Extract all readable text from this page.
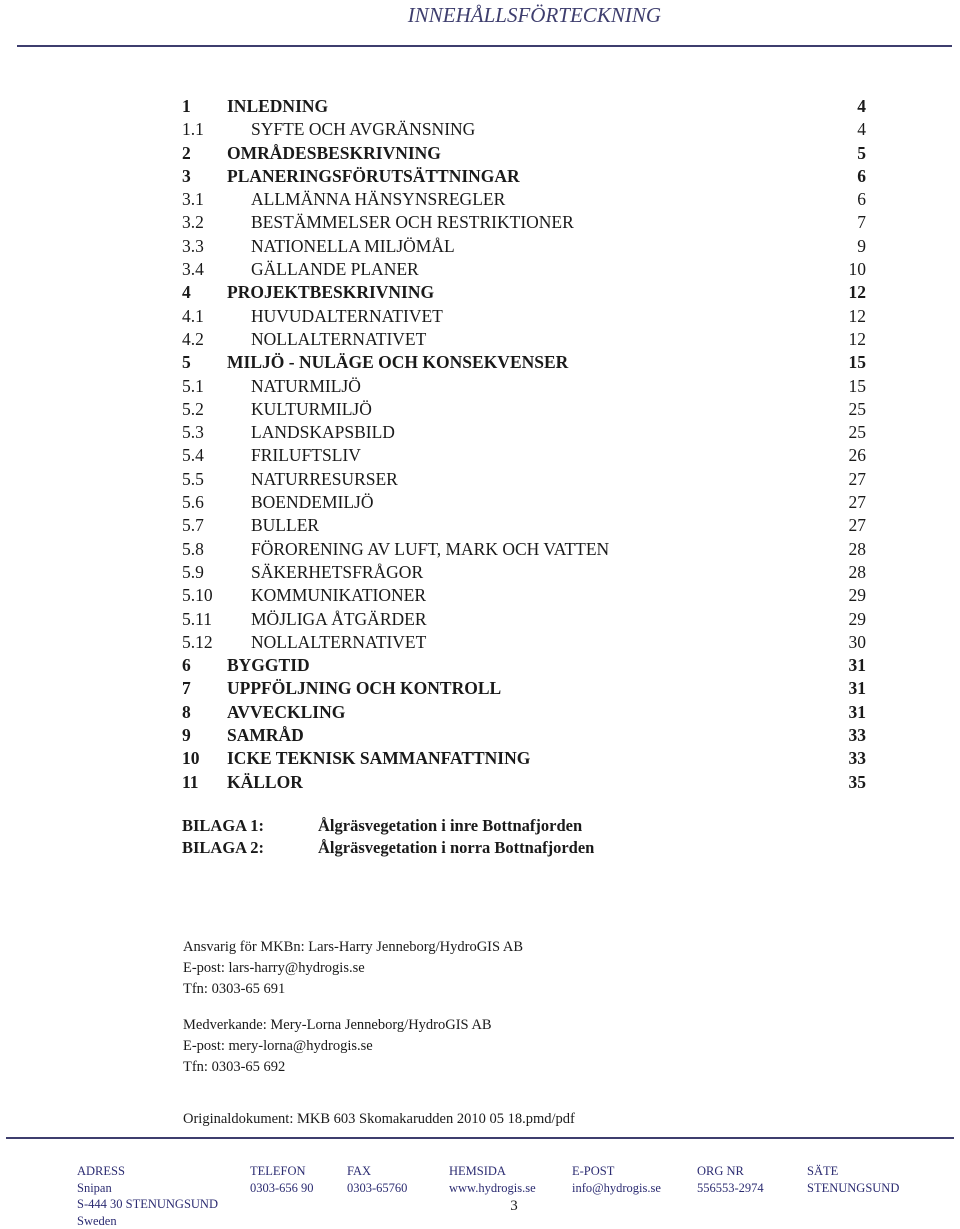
INNEHÅLLSFÖRTECKNING
1 INLEDNING	4
1.1	SYFTE OCH AVGRÄNSNING	4
2 OMRÅDESBESKRIVNING	5
3 PLANERINGSFÖRUTSÄTTNINGAR	6
3.1	ALLMÄNNA HÄNSYNSREGLER	6
3.2	BESTÄMMELSER OCH RESTRIKTIONER	7
3.3	NATIONELLA MILJÖMÅL	9
3.4	GÄLLANDE PLANER	10
4 PROJEKTBESKRIVNING	12
4.1	HUVUDALTERNATIVET	12
4.2	NOLLALTERNATIVET	12
5 MILJÖ - NULÄGE OCH KONSEKVENSER	15
5.1	NATURMILJÖ	15
5.2	KULTURMILJÖ	25
5.3	LANDSKAPSBILD	25
5.4	FRILUFTSLIV	26
5.5	NATURRESURSER	27
5.6	BOENDEMILJÖ	27
5.7	BULLER	27
5.8	FÖRORENING AV LUFT, MARK OCH VATTEN	28
5.9	SÄKERHETSFRÅGOR	28
5.10 KOMMUNIKATIONER	29
5.11 MÖJLIGA ÅTGÄRDER	29
5.12 NOLLALTERNATIVET	30
6 BYGGTID	31
7 UPPFÖLJNING OCH KONTROLL	31
8 AVVECKLING	31
9 SAMRÅD	33
10 ICKE TEKNISK SAMMANFATTNING	33
11 KÄLLOR	35
BILAGA 1:	Ålgräsvegetation i inre Bottnafjorden
BILAGA 2:	Ålgräsvegetation i norra Bottnafjorden

Ansvarig för MKBn: Lars-Harry Jenneborg/HydroGIS AB

E-post: lars-harry@hydrogis.se

Tfn: 0303-65 691

Medverkande: Mery-Lorna Jenneborg/HydroGIS AB

E-post: mery-lorna@hydrogis.se

Tfn: 0303-65 692

Originaldokument: MKB 603 Skomakarudden 2010 05 18.pmd/pdf
ADRESS
Snipan
S-444 30 STENUNGSUND
Sweden
TELEFON
0303-656 90
FAX
0303-65760
HEMSIDA
www.hydrogis.se
E-POST
info@hydrogis.se
ORG NR
556553-2974
SÄTE
STENUNGSUND
3
